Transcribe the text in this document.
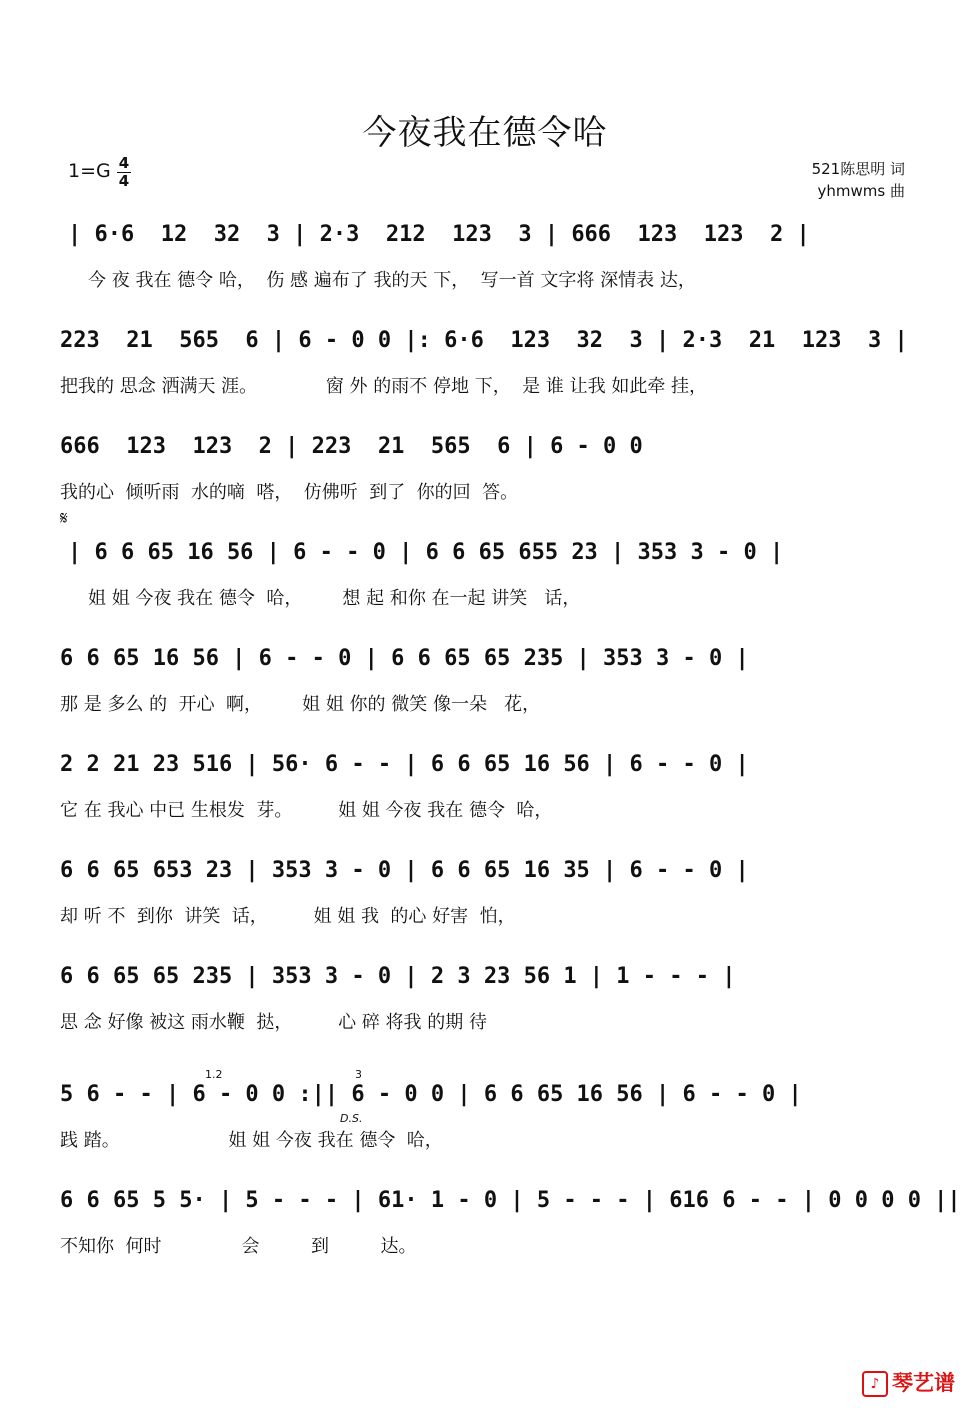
今夜我在德令哈
1=G 4
4
521陈思明 词
yhmwms 曲
| 6·6  12  32  3 | 2·3  212  123  3 | 666  123  123  2 |
今 夜 我在 德令 哈，  伤 感 遍布了 我的天 下，  写一首 文字将 深情表 达，
223  21  565  6 | 6 - 0 0 |: 6·6  123  32  3 | 2·3  21  123  3 |
把我的 思念 洒满天 涯。            窗 外 的雨不 停地 下，  是 谁 让我 如此牵 挂，
666  123  123  2 | 223  21  565  6 | 6 - 0 0
我的心  倾听雨  水的嘀  嗒，  仿佛听  到了  你的回  答。
𝄋
| 6 6 65 16 56 | 6 - - 0 | 6 6 65 655 23 | 353 3 - 0 |
姐 姐 今夜 我在 德令  哈，       想 起 和你 在一起 讲笑   话，
6 6 65 16 56 | 6 - - 0 | 6 6 65 65 235 | 353 3 - 0 |
那 是 多么 的  开心  啊，       姐 姐 你的 微笑 像一朵   花，
2 2 21 23 516 | 56· 6 - - | 6 6 65 16 56 | 6 - - 0 |
它 在 我心 中已 生根发  芽。        姐 姐 今夜 我在 德令  哈，
6 6 65 653 23 | 353 3 - 0 | 6 6 65 16 35 | 6 - - 0 |
却 听 不  到你  讲笑  话，        姐 姐 我  的心 好害  怕，
6 6 65 65 235 | 353 3 - 0 | 2 3 23 56 1 | 1 - - - |
思 念 好像 被这 雨水鞭  挞，        心 碎 将我 的期 待
1.2	3
D.S.
5 6 - - | 6 - 0 0 :|| 6 - 0 0 | 6 6 65 16 56 | 6 - - 0 |
践 踏。                   姐 姐 今夜 我在 德令  哈，
6 6 65 5 5· | 5 - - - | 61· 1 - 0 | 5 - - - | 616 6 - - | 0 0 0 0 ||
不知你  何时              会         到         达。
♪ 琴艺谱
